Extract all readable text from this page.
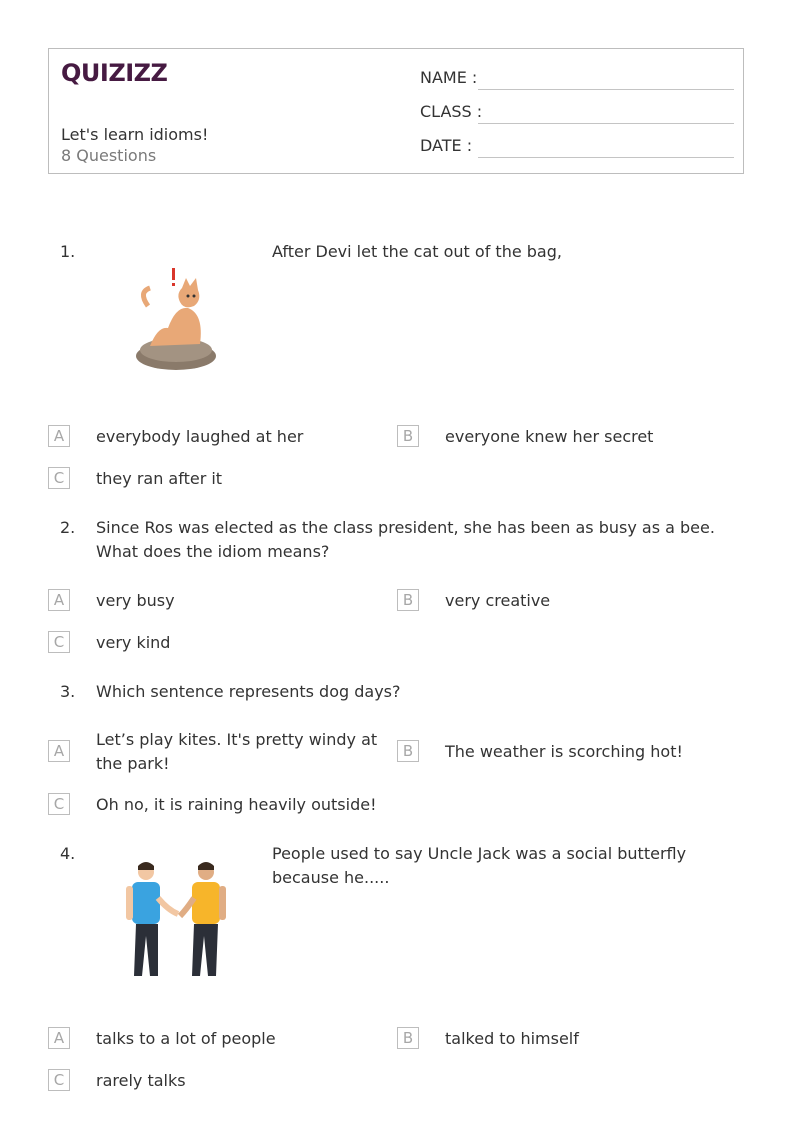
QUIZIZZ
Let's learn idioms!
8 Questions
NAME :
CLASS :
DATE :
1.	After Devi let the cat out of the bag,
A	everybody laughed at her	B	everyone knew her secret
C	they ran after it
2. Since Ros was elected as the class president, she has been as busy as a bee. What does the idiom means?
A	very busy	B	very creative
C	very kind
3. Which sentence represents dog days?
A
Let’s play kites. It's pretty windy at the park!
B	The weather is scorching hot!
C	Oh no, it is raining heavily outside!
4.	People used to say Uncle Jack was a social butterfly because he.....
A	talks to a lot of people	B	talked to himself
C	rarely talks
